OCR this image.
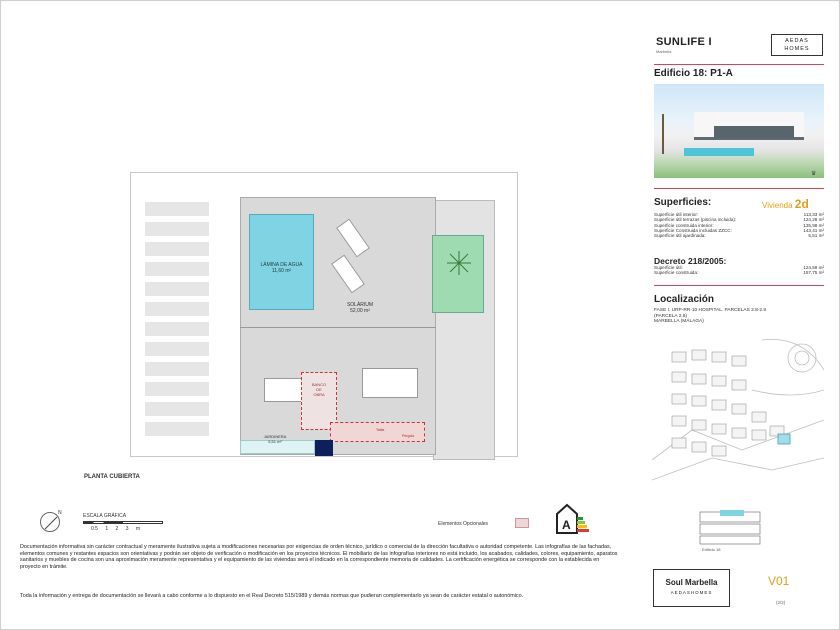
LÁMINA DE AGUA
11,60 m²
SOLÁRIUM
52,00 m²
BANCO
DE
OBRA
Tabla
Pérgola
JARDINERA
5,51 m²
PLANTA CUBIERTA
N	ESCALA GRÁFICA
0.5 1 2 3 m
Elementos Opcionales	A
Documentación informativa sin carácter contractual y meramente ilustrativa sujeta a modificaciones necesarias por exigencias de orden técnico, jurídico o comercial de la dirección facultativa o autoridad competente. Las infografías de las fachadas, elementos comunes y restantes espacios son orientativas y podrán ser objeto de verificación o modificación en los proyectos técnicos. El mobiliario de las infografías interiores no está incluido, los acabados, calidades, colores, equipamiento, aparatos sanitarios y muebles de cocina son una aproximación meramente representativa y el equipamiento de las viviendas será el indicado en la correspondiente memoria de calidades. La certificación energética se corresponde con la establecida en proyecto en trámite.
Toda la información y entrega de documentación se llevará a cabo conforme a lo dispuesto en el Real Decreto 515/1989 y demás normas que pudieran complementarlo ya sean de carácter estatal o autonómico.
SUNLIFE I
Marbella
AEDAS
HOMES
Edificio 18: P1-A
♛
Superficies:	Vivienda 2d
Superficie útil interior:	113,33 m²
Superficie útil terrazas (piscina incluida):	124,28 m²
Superficie construida interior:	135,98 m²
Superficie Construida incluidas ZZCC:	143,41 m²
Superficie útil ajardinada:	5,51 m²
Decreto 218/2005:
Superficie útil:	124,59 m²
Superficie construida:	157,75 m²
Localización
FASE I. URP-RR-10 HOSPITAL. PARCELAS 2.8-2.9
(PARCELA 2.8)
MARBELLA (MÁLAGA)
Edificio 18
Soul Marbella
AEDASHOMES
V01
(2/2)
